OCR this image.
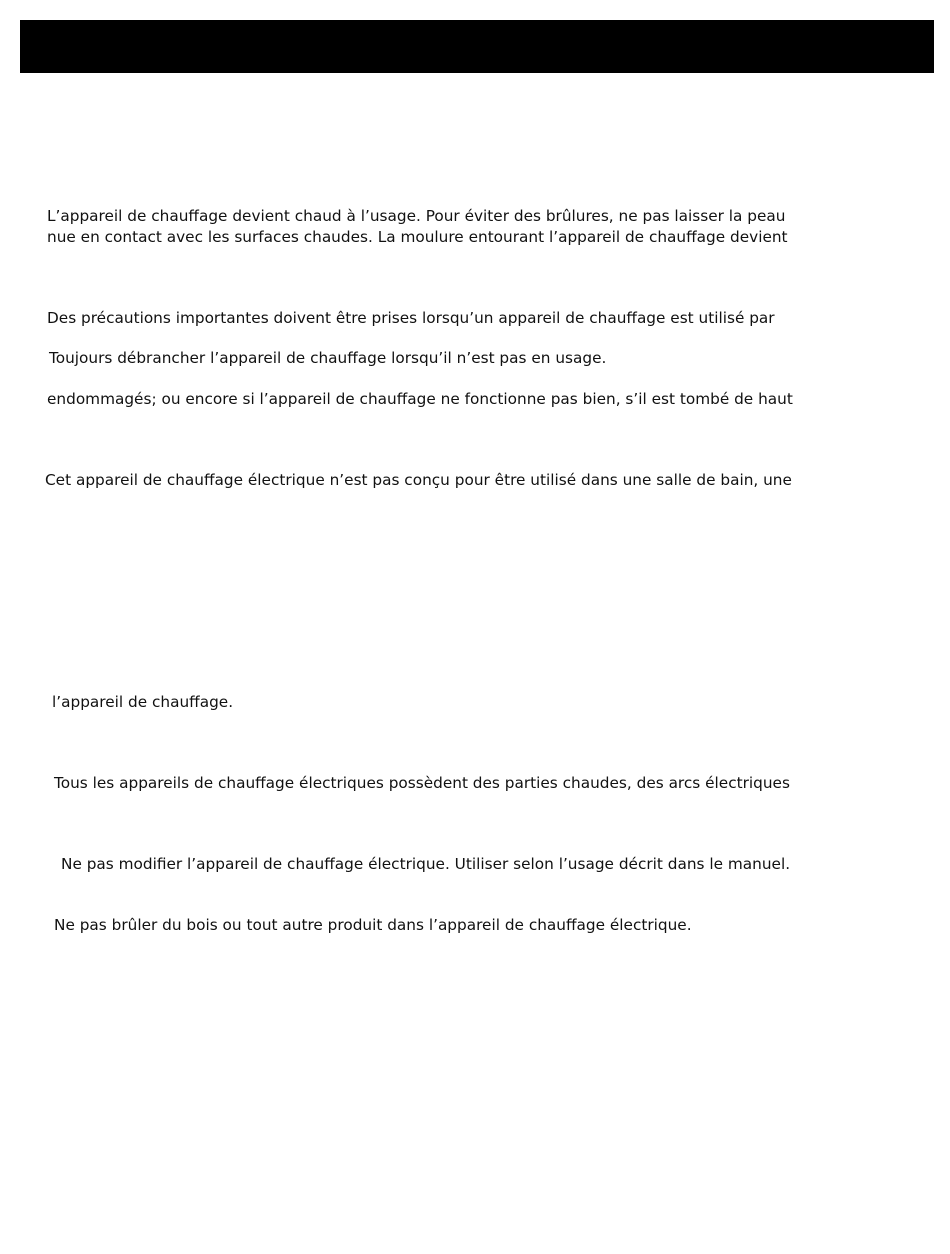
L’appareil de chauffage devient chaud à l’usage. Pour éviter des brûlures, ne pas laisser la peau
nue en contact avec les surfaces chaudes. La moulure entourant l’appareil de chauffage devient
Des précautions importantes doivent être prises lorsqu’un appareil de chauffage est utilisé par
Toujours débrancher l’appareil de chauffage lorsqu’il n’est pas en usage.
endommagés; ou encore si l’appareil de chauffage ne fonctionne pas bien, s’il est tombé de haut
Cet appareil de chauffage électrique n’est pas conçu pour être utilisé dans une salle de bain, une
l’appareil de chauffage.
Tous les appareils de chauffage électriques possèdent des parties chaudes, des arcs électriques
Ne pas modifier l’appareil de chauffage électrique. Utiliser selon l’usage décrit dans le manuel.
Ne pas brûler du bois ou tout autre produit dans l’appareil de chauffage électrique.
